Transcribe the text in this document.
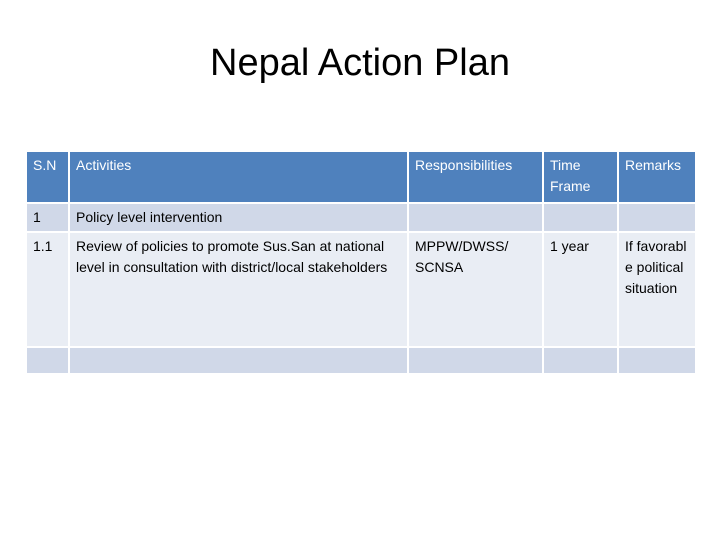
Nepal Action Plan
S.N	Activities	Responsibilities	Time Frame	Remarks
1	Policy level intervention			
1.1	Review of policies to promote Sus.San at national level in consultation with district/local stakeholders	MPPW/DWSS/ SCNSA	1 year	If favorabl e political situation
